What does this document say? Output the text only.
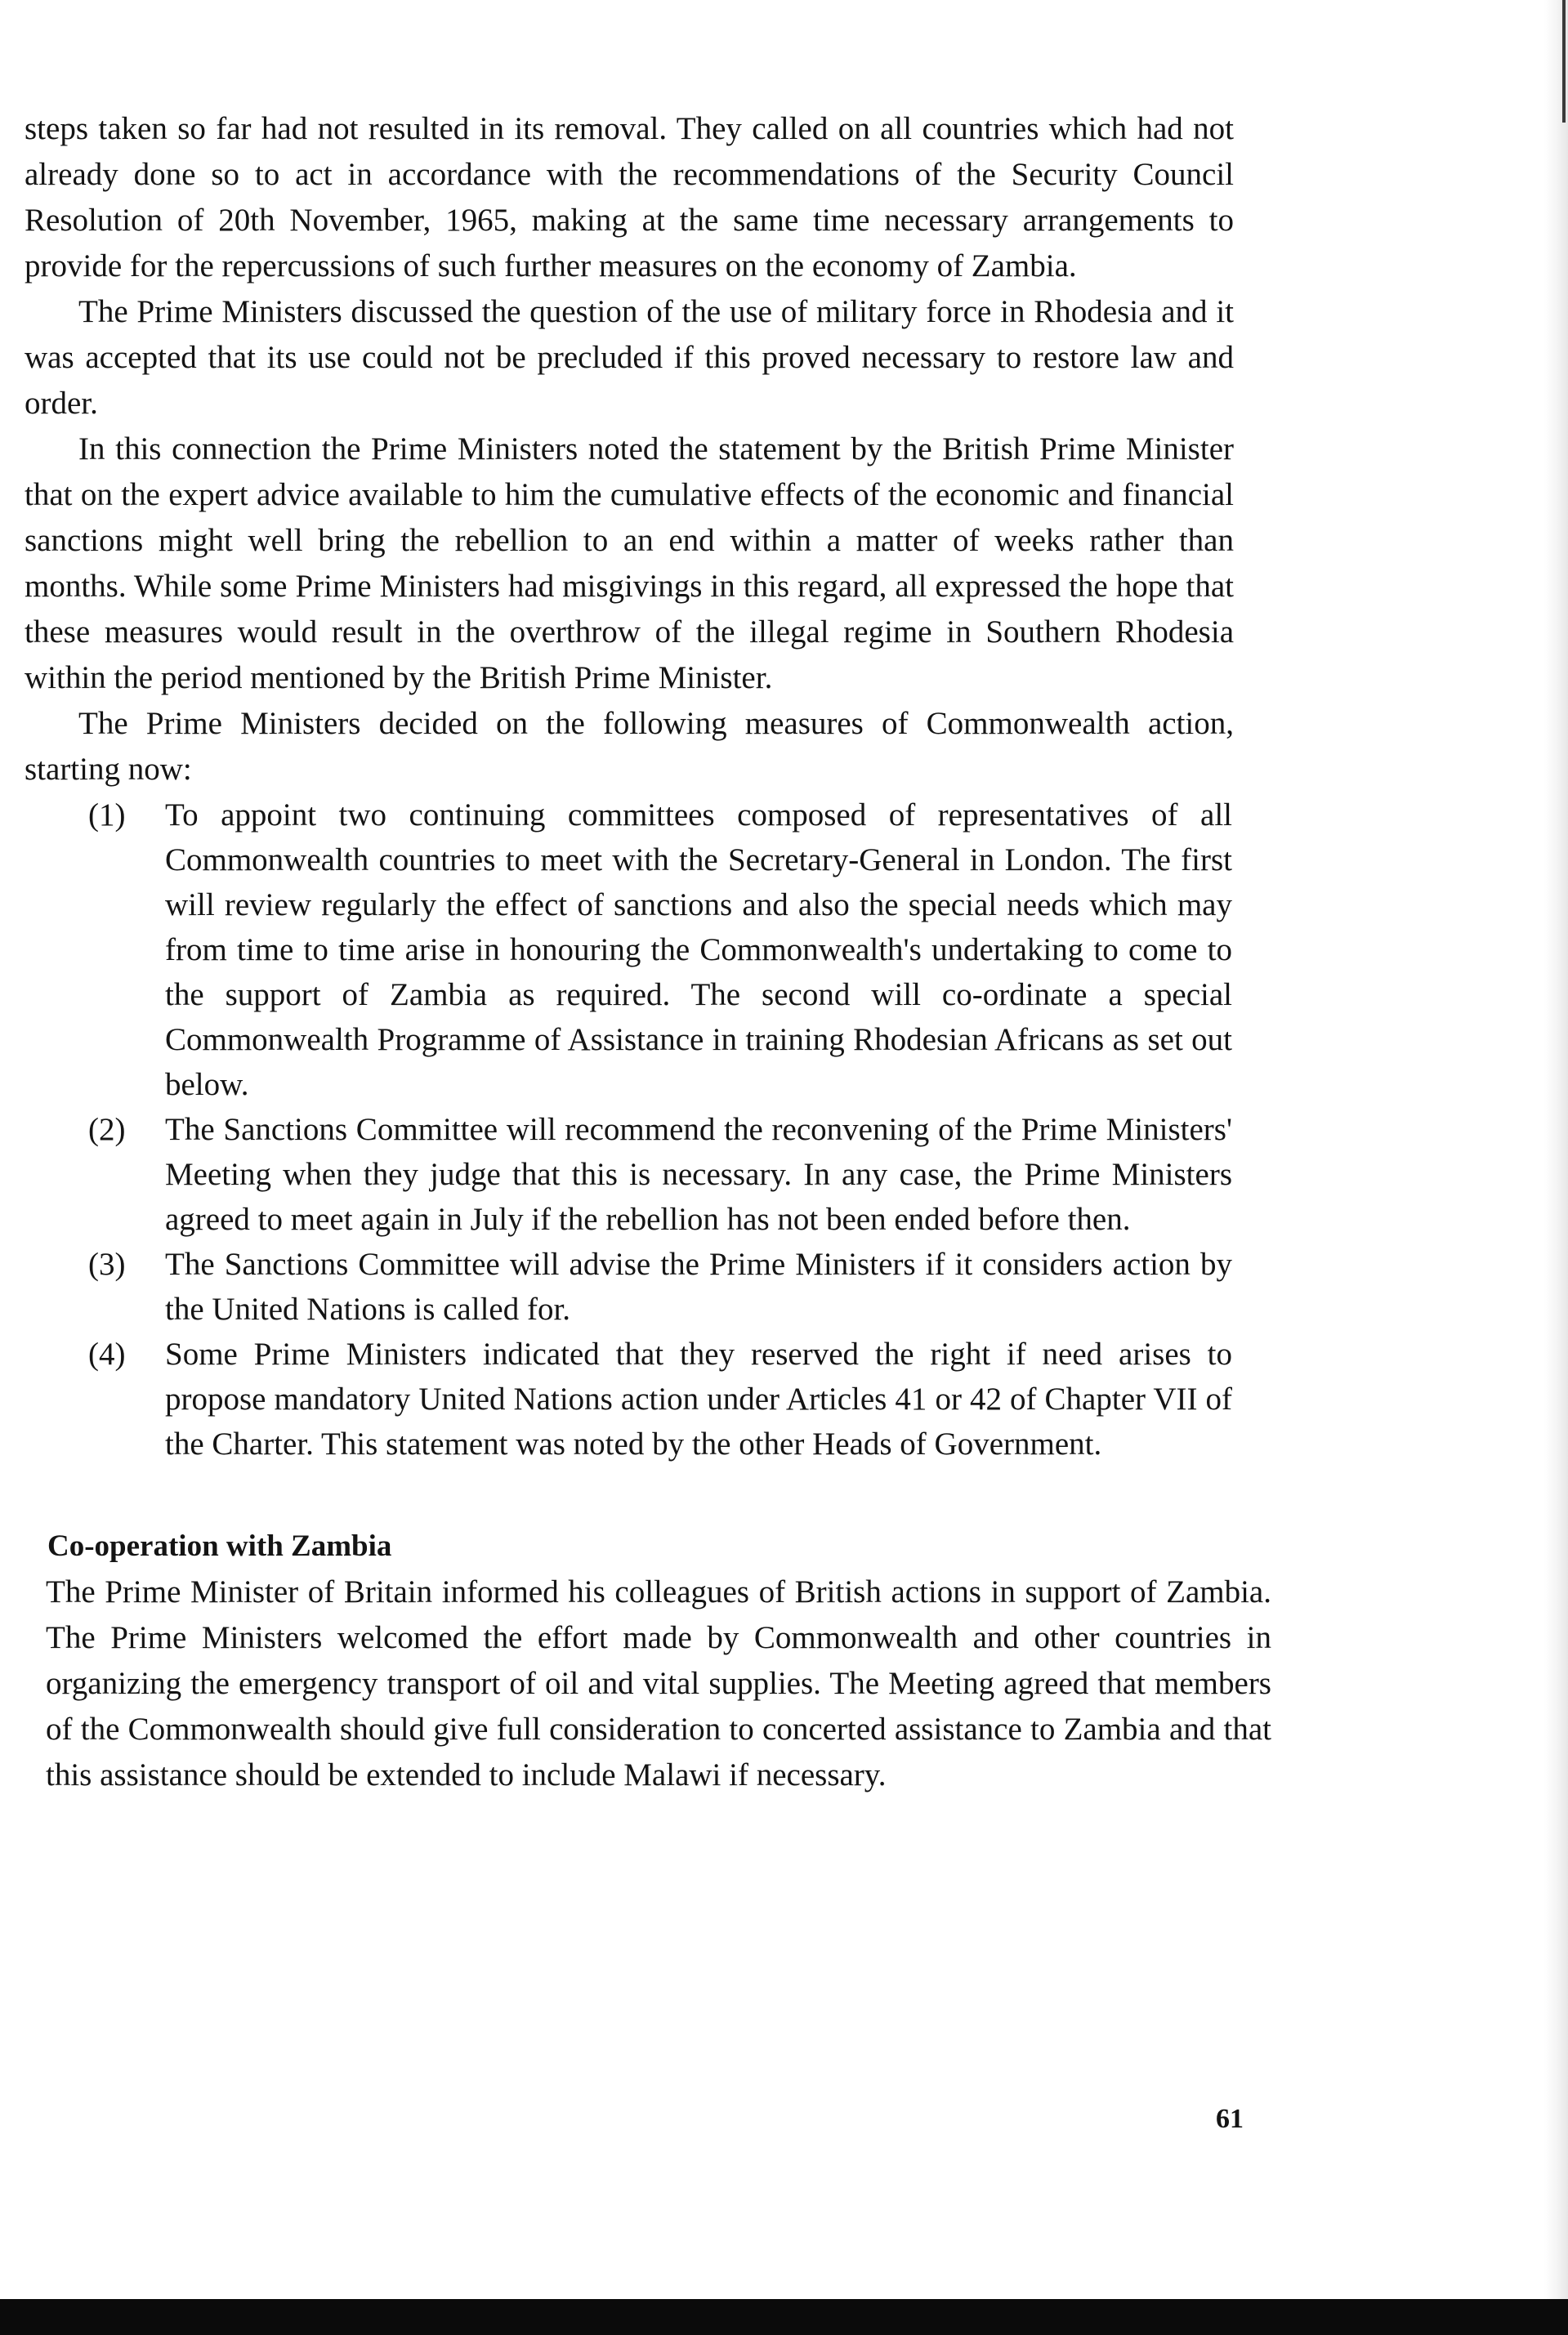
steps taken so far had not resulted in its removal. They called on all countries which had not already done so to act in accordance with the recommendations of the Security Council Resolution of 20th November, 1965, making at the same time necessary arrangements to provide for the repercussions of such further measures on the economy of Zambia.

The Prime Ministers discussed the question of the use of military force in Rhodesia and it was accepted that its use could not be precluded if this proved necessary to restore law and order.

In this connection the Prime Ministers noted the statement by the British Prime Minister that on the expert advice available to him the cumulative effects of the economic and financial sanctions might well bring the rebellion to an end within a matter of weeks rather than months. While some Prime Ministers had misgivings in this regard, all expressed the hope that these measures would result in the overthrow of the illegal regime in Southern Rhodesia within the period mentioned by the British Prime Minister.

The Prime Ministers decided on the following measures of Commonwealth action, starting now:

(1) To appoint two continuing committees composed of representatives of all Commonwealth countries to meet with the Secretary-General in London. The first will review regularly the effect of sanctions and also the special needs which may from time to time arise in honouring the Commonwealth's undertaking to come to the support of Zambia as required. The second will co-ordinate a special Commonwealth Programme of Assistance in training Rhodesian Africans as set out below.
(2) The Sanctions Committee will recommend the reconvening of the Prime Ministers' Meeting when they judge that this is necessary. In any case, the Prime Ministers agreed to meet again in July if the rebellion has not been ended before then.
(3) The Sanctions Committee will advise the Prime Ministers if it considers action by the United Nations is called for.
(4) Some Prime Ministers indicated that they reserved the right if need arises to propose mandatory United Nations action under Articles 41 or 42 of Chapter VII of the Charter. This statement was noted by the other Heads of Government.
Co-operation with Zambia

The Prime Minister of Britain informed his colleagues of British actions in support of Zambia. The Prime Ministers welcomed the effort made by Commonwealth and other countries in organizing the emergency transport of oil and vital supplies. The Meeting agreed that members of the Commonwealth should give full consideration to concerted assistance to Zambia and that this assistance should be extended to include Malawi if necessary.

61
